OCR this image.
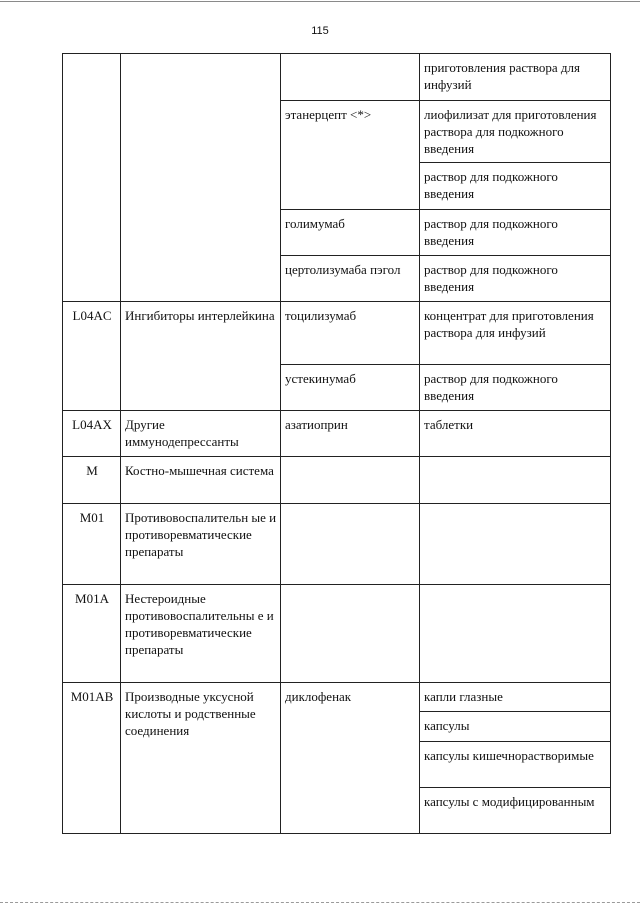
115
			приготовления раствора для инфузий
		этанерцепт <*>	лиофилизат для приготовления раствора для подкожного введения
			раствор для подкожного введения
		голимумаб	раствор для подкожного введения
		цертолизумаба пэгол	раствор для подкожного введения
L04AC	Ингибиторы интерлейкина	тоцилизумаб	концентрат для приготовления раствора для инфузий
		устекинумаб	раствор для подкожного введения
L04AX	Другие иммунодепрессанты	азатиоприн	таблетки
M	Костно-мышечная система		
M01	Противовоспалительн ые и противоревматические препараты		
M01A	Нестероидные противовоспалительны е и противоревматические препараты		
M01AB	Производные уксусной кислоты и родственные соединения	диклофенак	капли глазные
			капсулы
			капсулы кишечнорастворимые
			капсулы с модифицированным
